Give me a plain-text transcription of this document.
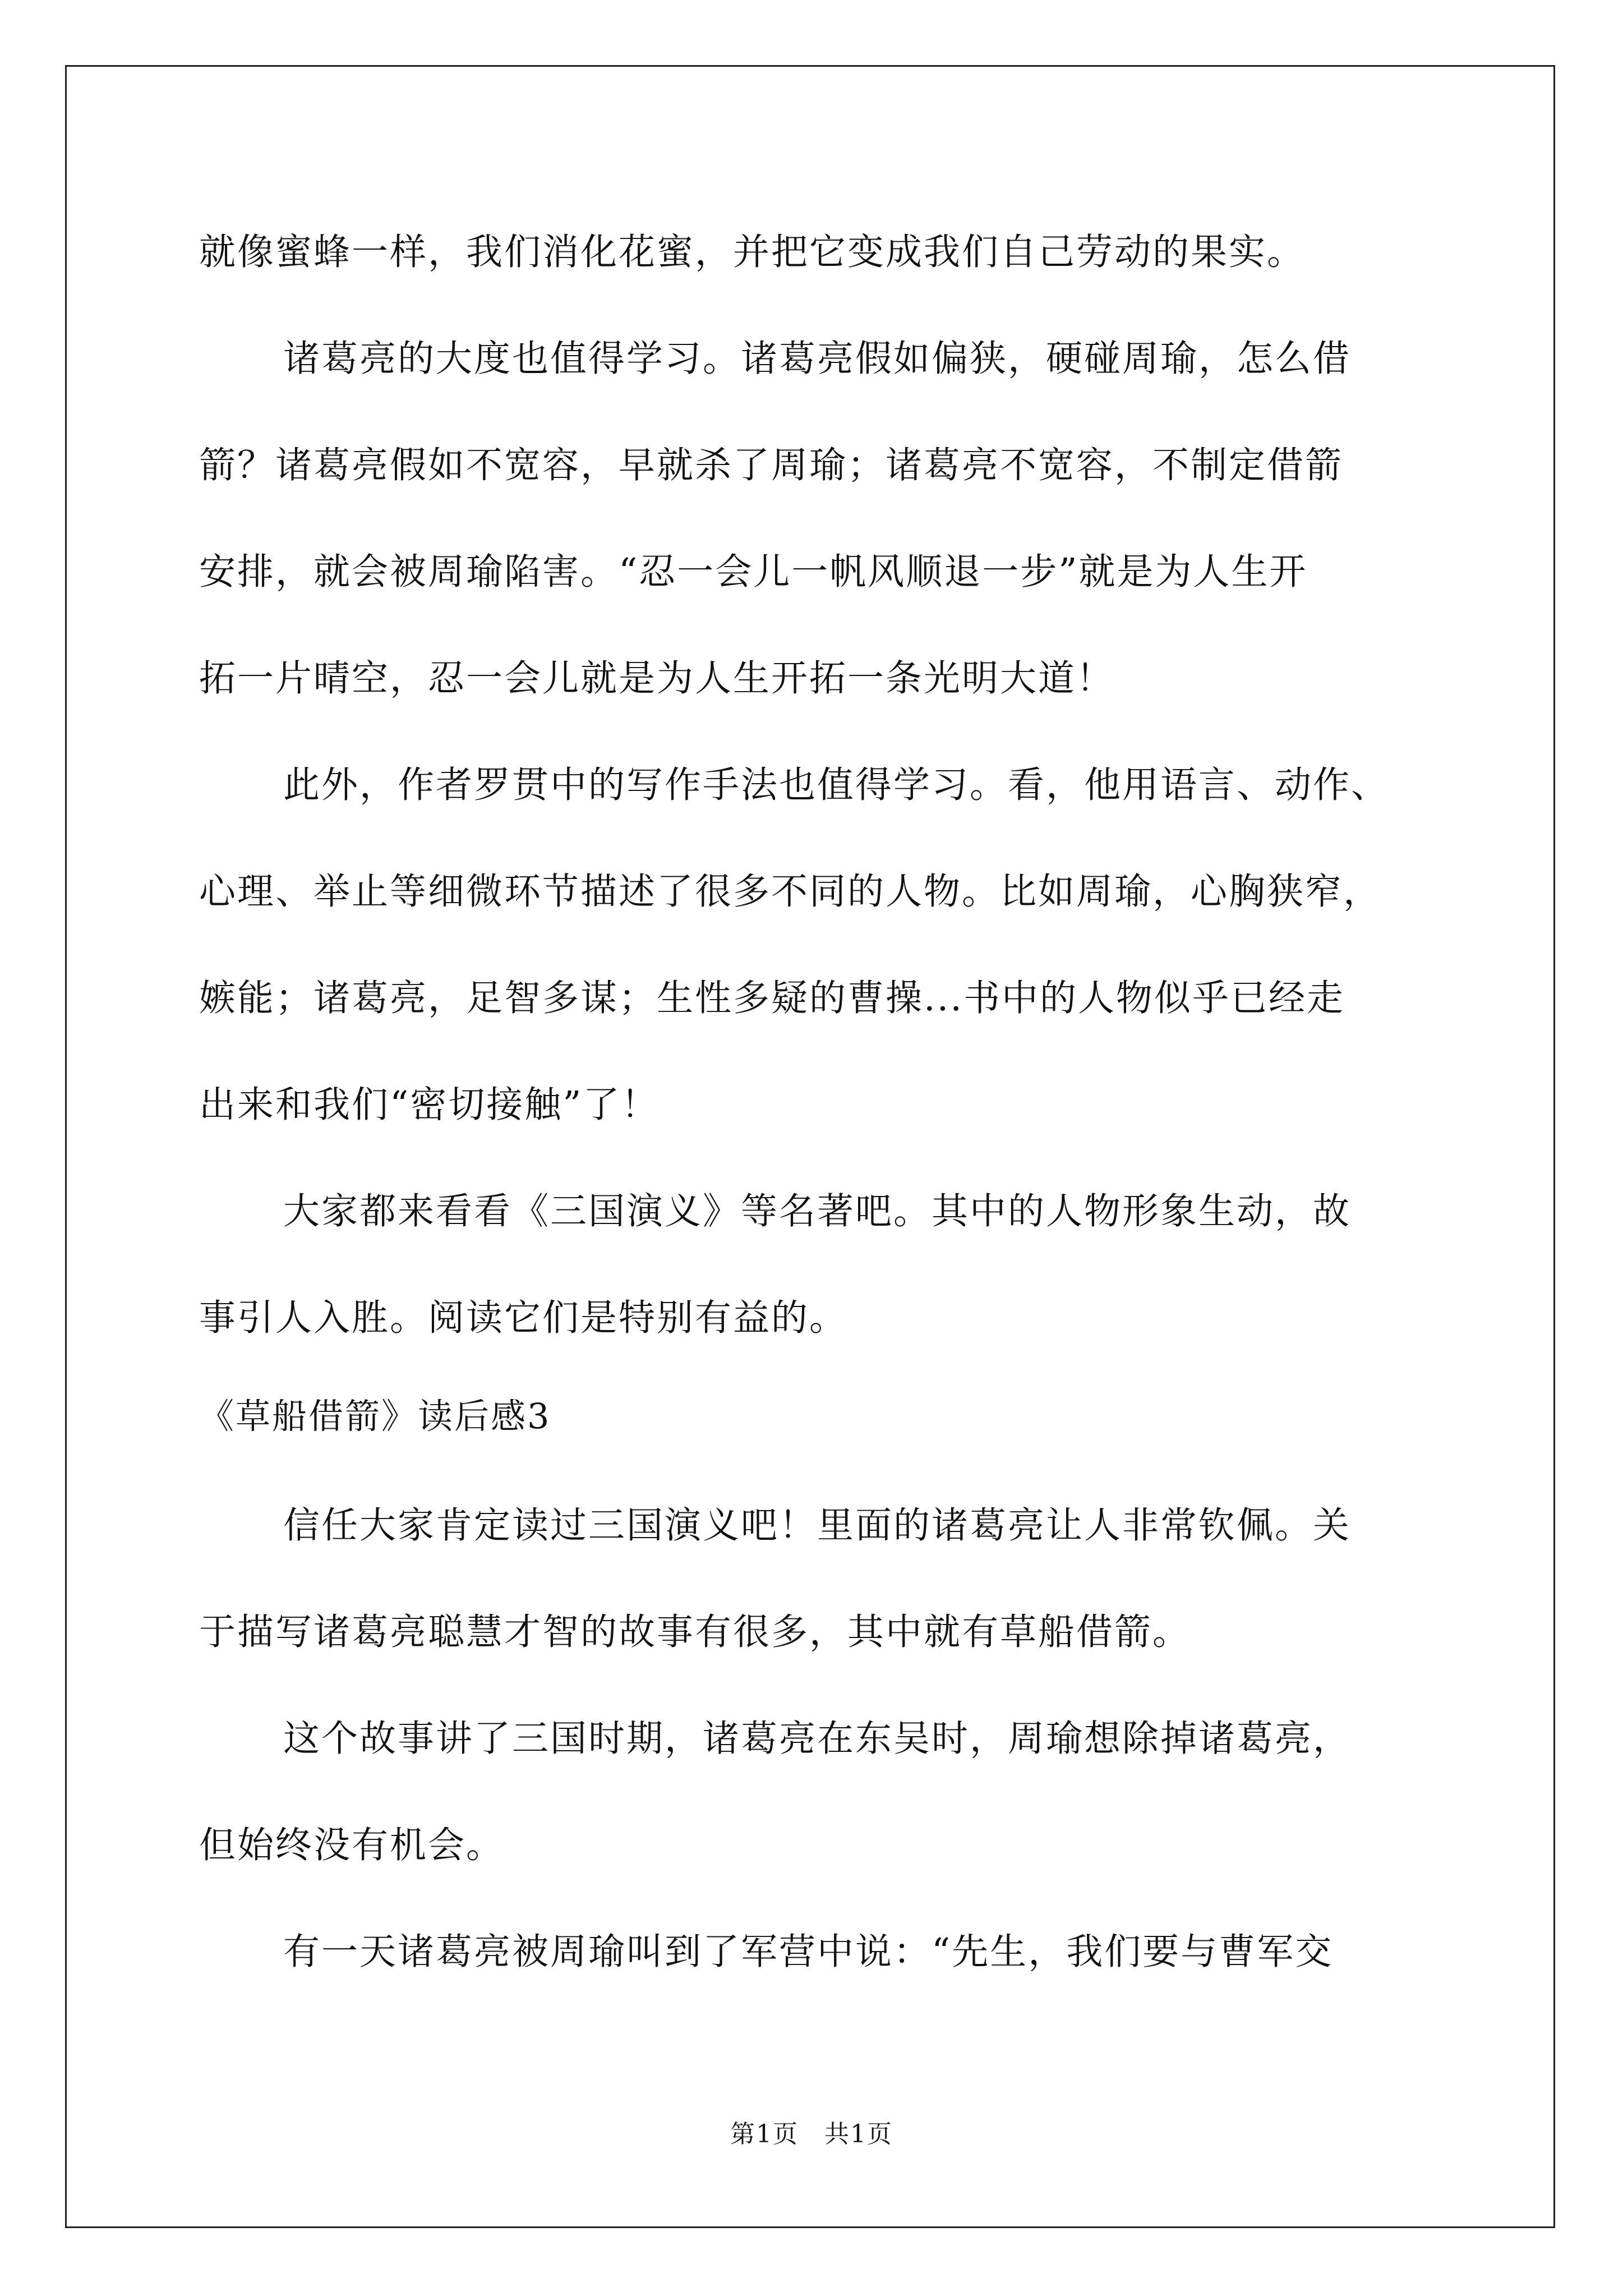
就像蜜蜂一样，我们消化花蜜，并把它变成我们自己劳动的果实。
诸葛亮的大度也值得学习。诸葛亮假如偏狭，硬碰周瑜，怎么借
箭？诸葛亮假如不宽容，早就杀了周瑜；诸葛亮不宽容，不制定借箭
安排，就会被周瑜陷害。“忍一会儿一帆风顺退一步”就是为人生开
拓一片晴空，忍一会儿就是为人生开拓一条光明大道！
此外，作者罗贯中的写作手法也值得学习。看，他用语言、动作、
心理、举止等细微环节描述了很多不同的人物。比如周瑜，心胸狭窄，
嫉能；诸葛亮，足智多谋；生性多疑的曹操...书中的人物似乎已经走
出来和我们“密切接触”了！
大家都来看看《三国演义》等名著吧。其中的人物形象生动，故
事引人入胜。阅读它们是特别有益的。
《草船借箭》读后感3
信任大家肯定读过三国演义吧！里面的诸葛亮让人非常钦佩。关
于描写诸葛亮聪慧才智的故事有很多，其中就有草船借箭。
这个故事讲了三国时期，诸葛亮在东吴时，周瑜想除掉诸葛亮，
但始终没有机会。
有一天诸葛亮被周瑜叫到了军营中说：“先生，我们要与曹军交
第1页　共1页
